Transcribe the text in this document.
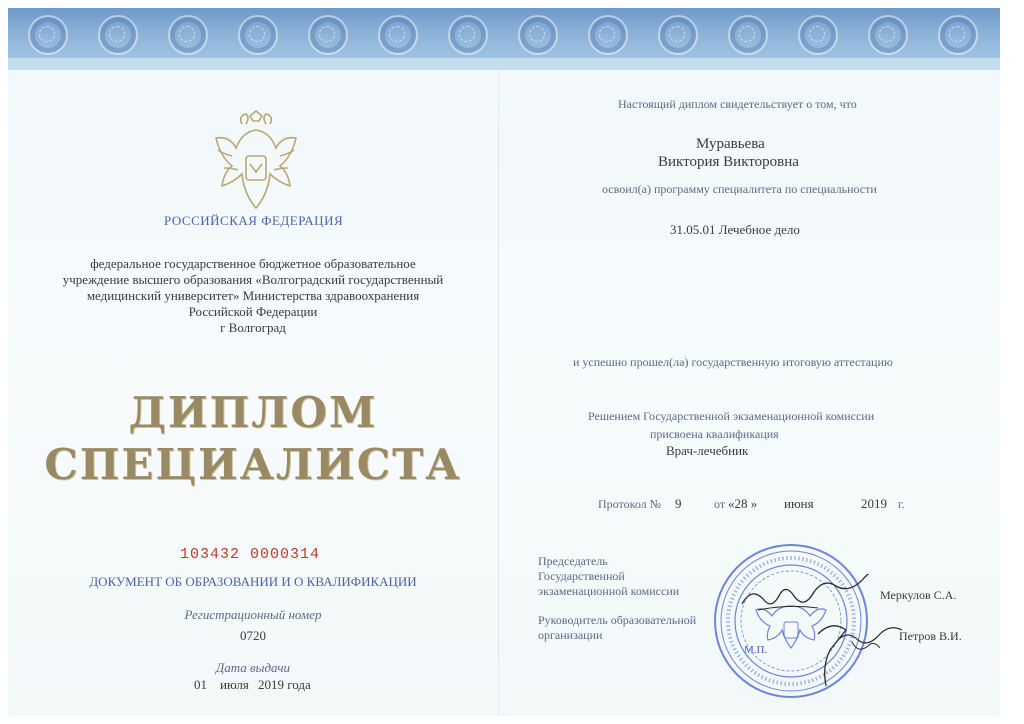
РОССИЙСКАЯ ФЕДЕРАЦИЯ
федеральное государственное бюджетное образовательное
учреждение высшего образования «Волгоградский государственный
медицинский университет» Министерства здравоохранения
Российской Федерации
г Волгоград
ДИПЛОМ
СПЕЦИАЛИСТА
103432 0000314
ДОКУМЕНТ ОБ ОБРАЗОВАНИИ И О КВАЛИФИКАЦИИ
Регистрационный номер
0720
Дата выдачи
01 июля 2019 года
Настоящий диплом свидетельствует о том, что
Муравьева
Виктория Викторовна
освоил(а) программу специалитета по специальности
31.05.01 Лечебное дело
и успешно прошел(ла) государственную итоговую аттестацию
Решением Государственной экзаменационной комиссии
присвоена квалификация
Врач-лечебник
Протокол № 9	от «28 » июня	2019 г.
Председатель
Государственной
экзаменационной комиссии	Меркулов С.А.
Руководитель образовательной
организации	Петров В.И.
М.П.
